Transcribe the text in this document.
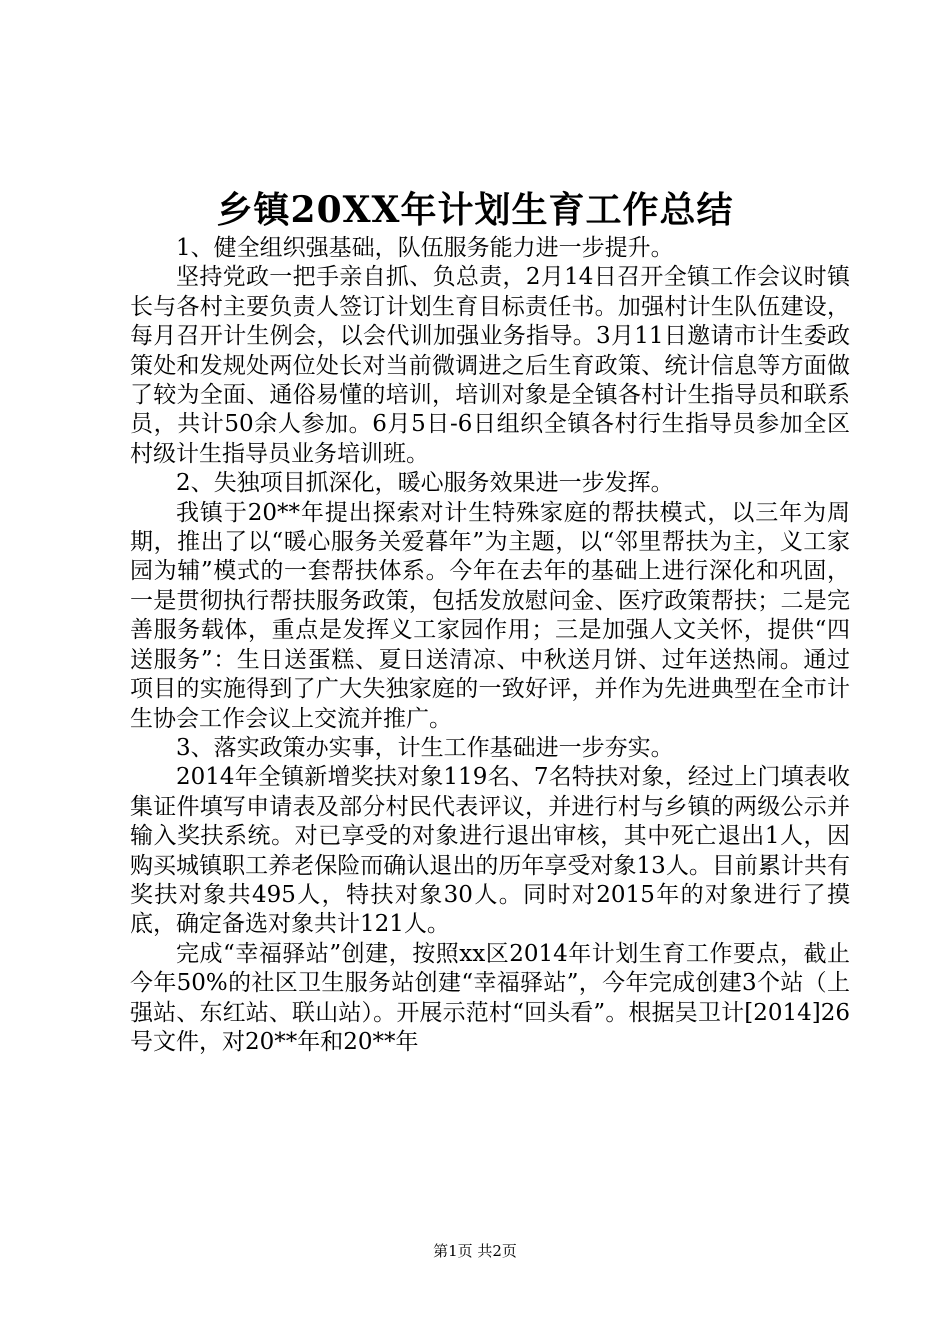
乡镇20XX年计划生育工作总结

1、健全组织强基础，队伍服务能力进一步提升。

坚持党政一把手亲自抓、负总责，2月14日召开全镇工作会议时镇长与各村主要负责人签订计划生育目标责任书。加强村计生队伍建设，每月召开计生例会，以会代训加强业务指导。3月11日邀请市计生委政策处和发规处两位处长对当前微调进之后生育政策、统计信息等方面做了较为全面、通俗易懂的培训，培训对象是全镇各村计生指导员和联系员，共计50余人参加。6月5日-6日组织全镇各村行生指导员参加全区村级计生指导员业务培训班。

2、失独项目抓深化，暖心服务效果进一步发挥。

我镇于20**年提出探索对计生特殊家庭的帮扶模式，以三年为周期，推出了以“暖心服务关爱暮年”为主题，以“邻里帮扶为主，义工家园为辅”模式的一套帮扶体系。今年在去年的基础上进行深化和巩固，一是贯彻执行帮扶服务政策，包括发放慰问金、医疗政策帮扶；二是完善服务载体，重点是发挥义工家园作用；三是加强人文关怀，提供“四送服务”：生日送蛋糕、夏日送清凉、中秋送月饼、过年送热闹。通过项目的实施得到了广大失独家庭的一致好评，并作为先进典型在全市计生协会工作会议上交流并推广。

3、落实政策办实事，计生工作基础进一步夯实。

2014年全镇新增奖扶对象119名、7名特扶对象，经过上门填表收集证件填写申请表及部分村民代表评议，并进行村与乡镇的两级公示并输入奖扶系统。对已享受的对象进行退出审核，其中死亡退出1人，因购买城镇职工养老保险而确认退出的历年享受对象13人。目前累计共有奖扶对象共495人，特扶对象30人。同时对2015年的对象进行了摸底，确定备选对象共计121人。

完成“幸福驿站”创建，按照xx区2014年计划生育工作要点，截止今年50%的社区卫生服务站创建“幸福驿站”，今年完成创建3个站（上强站、东红站、联山站）。开展示范村“回头看”。根据吴卫计[2014]26号文件，对20**年和20**年

第1页 共2页
